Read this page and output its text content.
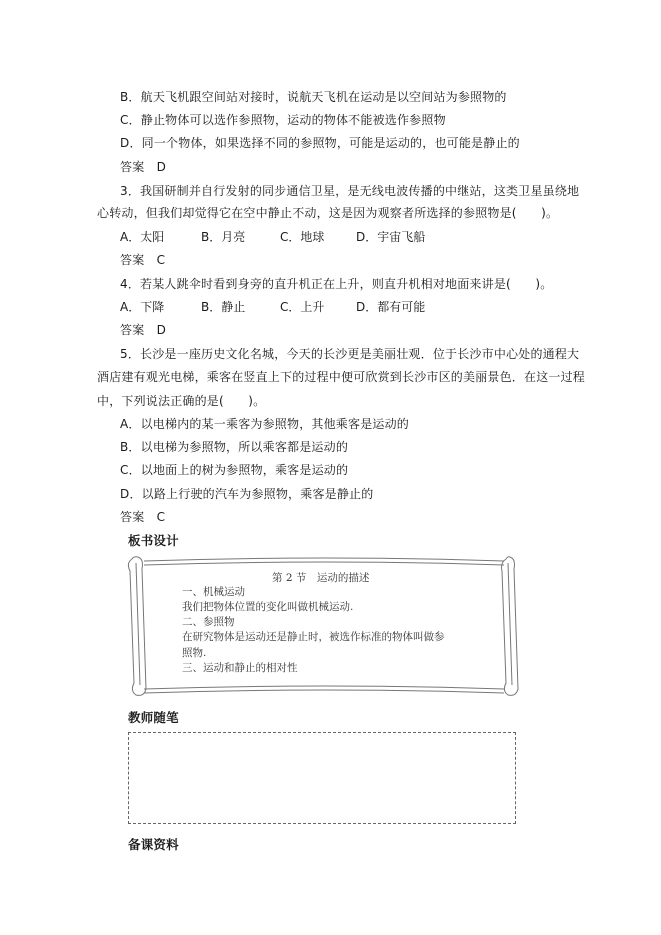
B．航天飞机跟空间站对接时，说航天飞机在运动是以空间站为参照物的
C．静止物体可以选作参照物，运动的物体不能被选作参照物
D．同一个物体，如果选择不同的参照物，可能是运动的，也可能是静止的
答案　D
3．我国研制并自行发射的同步通信卫星，是无线电波传播的中继站，这类卫星虽绕地
心转动，但我们却觉得它在空中静止不动，这是因为观察者所选择的参照物是(　　)。
A．太阳	B．月亮	C．地球	D．宇宙飞船
答案　C
4．若某人跳伞时看到身旁的直升机正在上升，则直升机相对地面来讲是(　　)。
A．下降	B．静止	C．上升	D．都有可能
答案　D
5．长沙是一座历史文化名城，今天的长沙更是美丽壮观．位于长沙市中心处的通程大
酒店建有观光电梯，乘客在竖直上下的过程中便可欣赏到长沙市区的美丽景色．在这一过程
中，下列说法正确的是(　　)。
A．以电梯内的某一乘客为参照物，其他乘客是运动的
B．以电梯为参照物，所以乘客都是运动的
C．以地面上的树为参照物，乘客是运动的
D．以路上行驶的汽车为参照物，乘客是静止的
答案　C
板书设计
第 2 节　运动的描述
一、机械运动
我们把物体位置的变化叫做机械运动.
二、参照物
在研究物体是运动还是静止时，被选作标准的物体叫做参
照物.
三、运动和静止的相对性
教师随笔
备课资料
